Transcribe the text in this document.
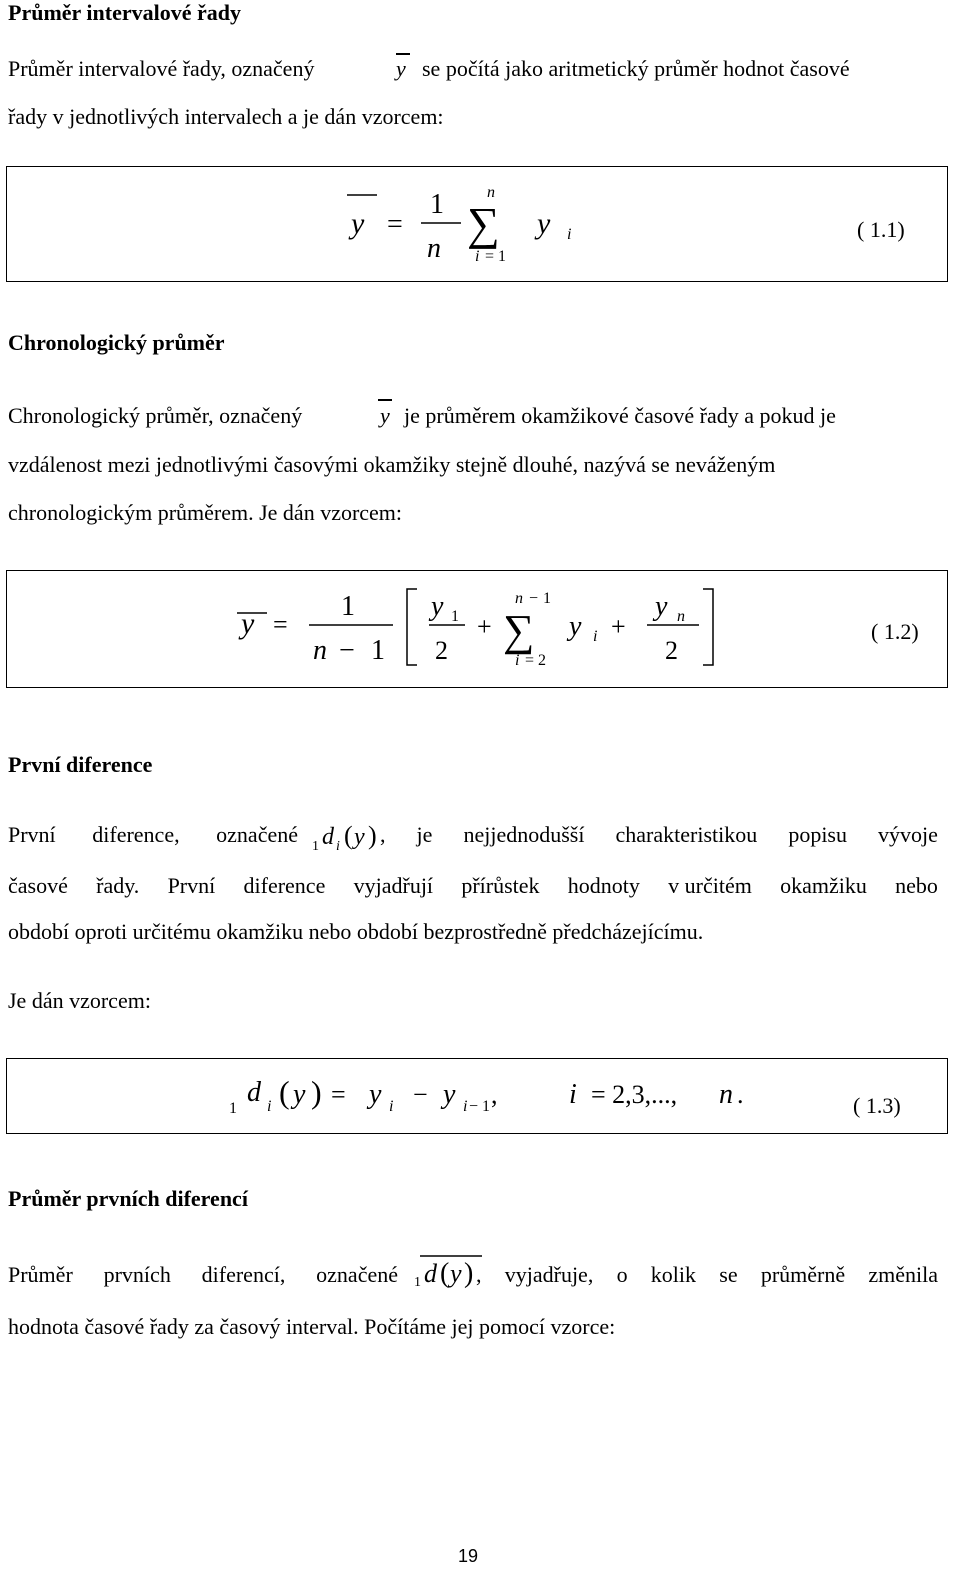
Průměr intervalové řady
Průměr intervalové řady, označený	y se počítá jako aritmetický průměr hodnot časové
řady v jednotlivých intervalech a je dán vzorcem:
y =
1
n
n
∑
i = 1
y i	( 1.1)
Chronologický průměr
Chronologický průměr, označený	y je průměrem okamžikové časové řady a pokud je
vzdálenost mezi jednotlivými časovými okamžiky stejně dlouhé, nazývá se neváženým
chronologickým průměrem. Je dán vzorcem:
y =
1
n − 1
y 1
2
+
n − 1
∑
i = 2
y i +
y n
2
( 1.2)
První diference
První diference, označené 1 d i ( y ) , je nejjednodušší charakteristikou popisu vývoje
časové řady. První diference vyjadřují přírůstek hodnoty v určitém okamžiku nebo
období oproti určitému okamžiku nebo období bezprostředně předcházejícímu.
Je dán vzorcem:
1
d i ( y ) = y i − y i − 1 ,	i = 2,3,..., n .	( 1.3)
Průměr prvních diferencí
Průměr prvních diferencí, označené 1 d ( y ) , vyjadřuje, o kolik se průměrně změnila
hodnota časové řady za časový interval. Počítáme jej pomocí vzorce:
19
